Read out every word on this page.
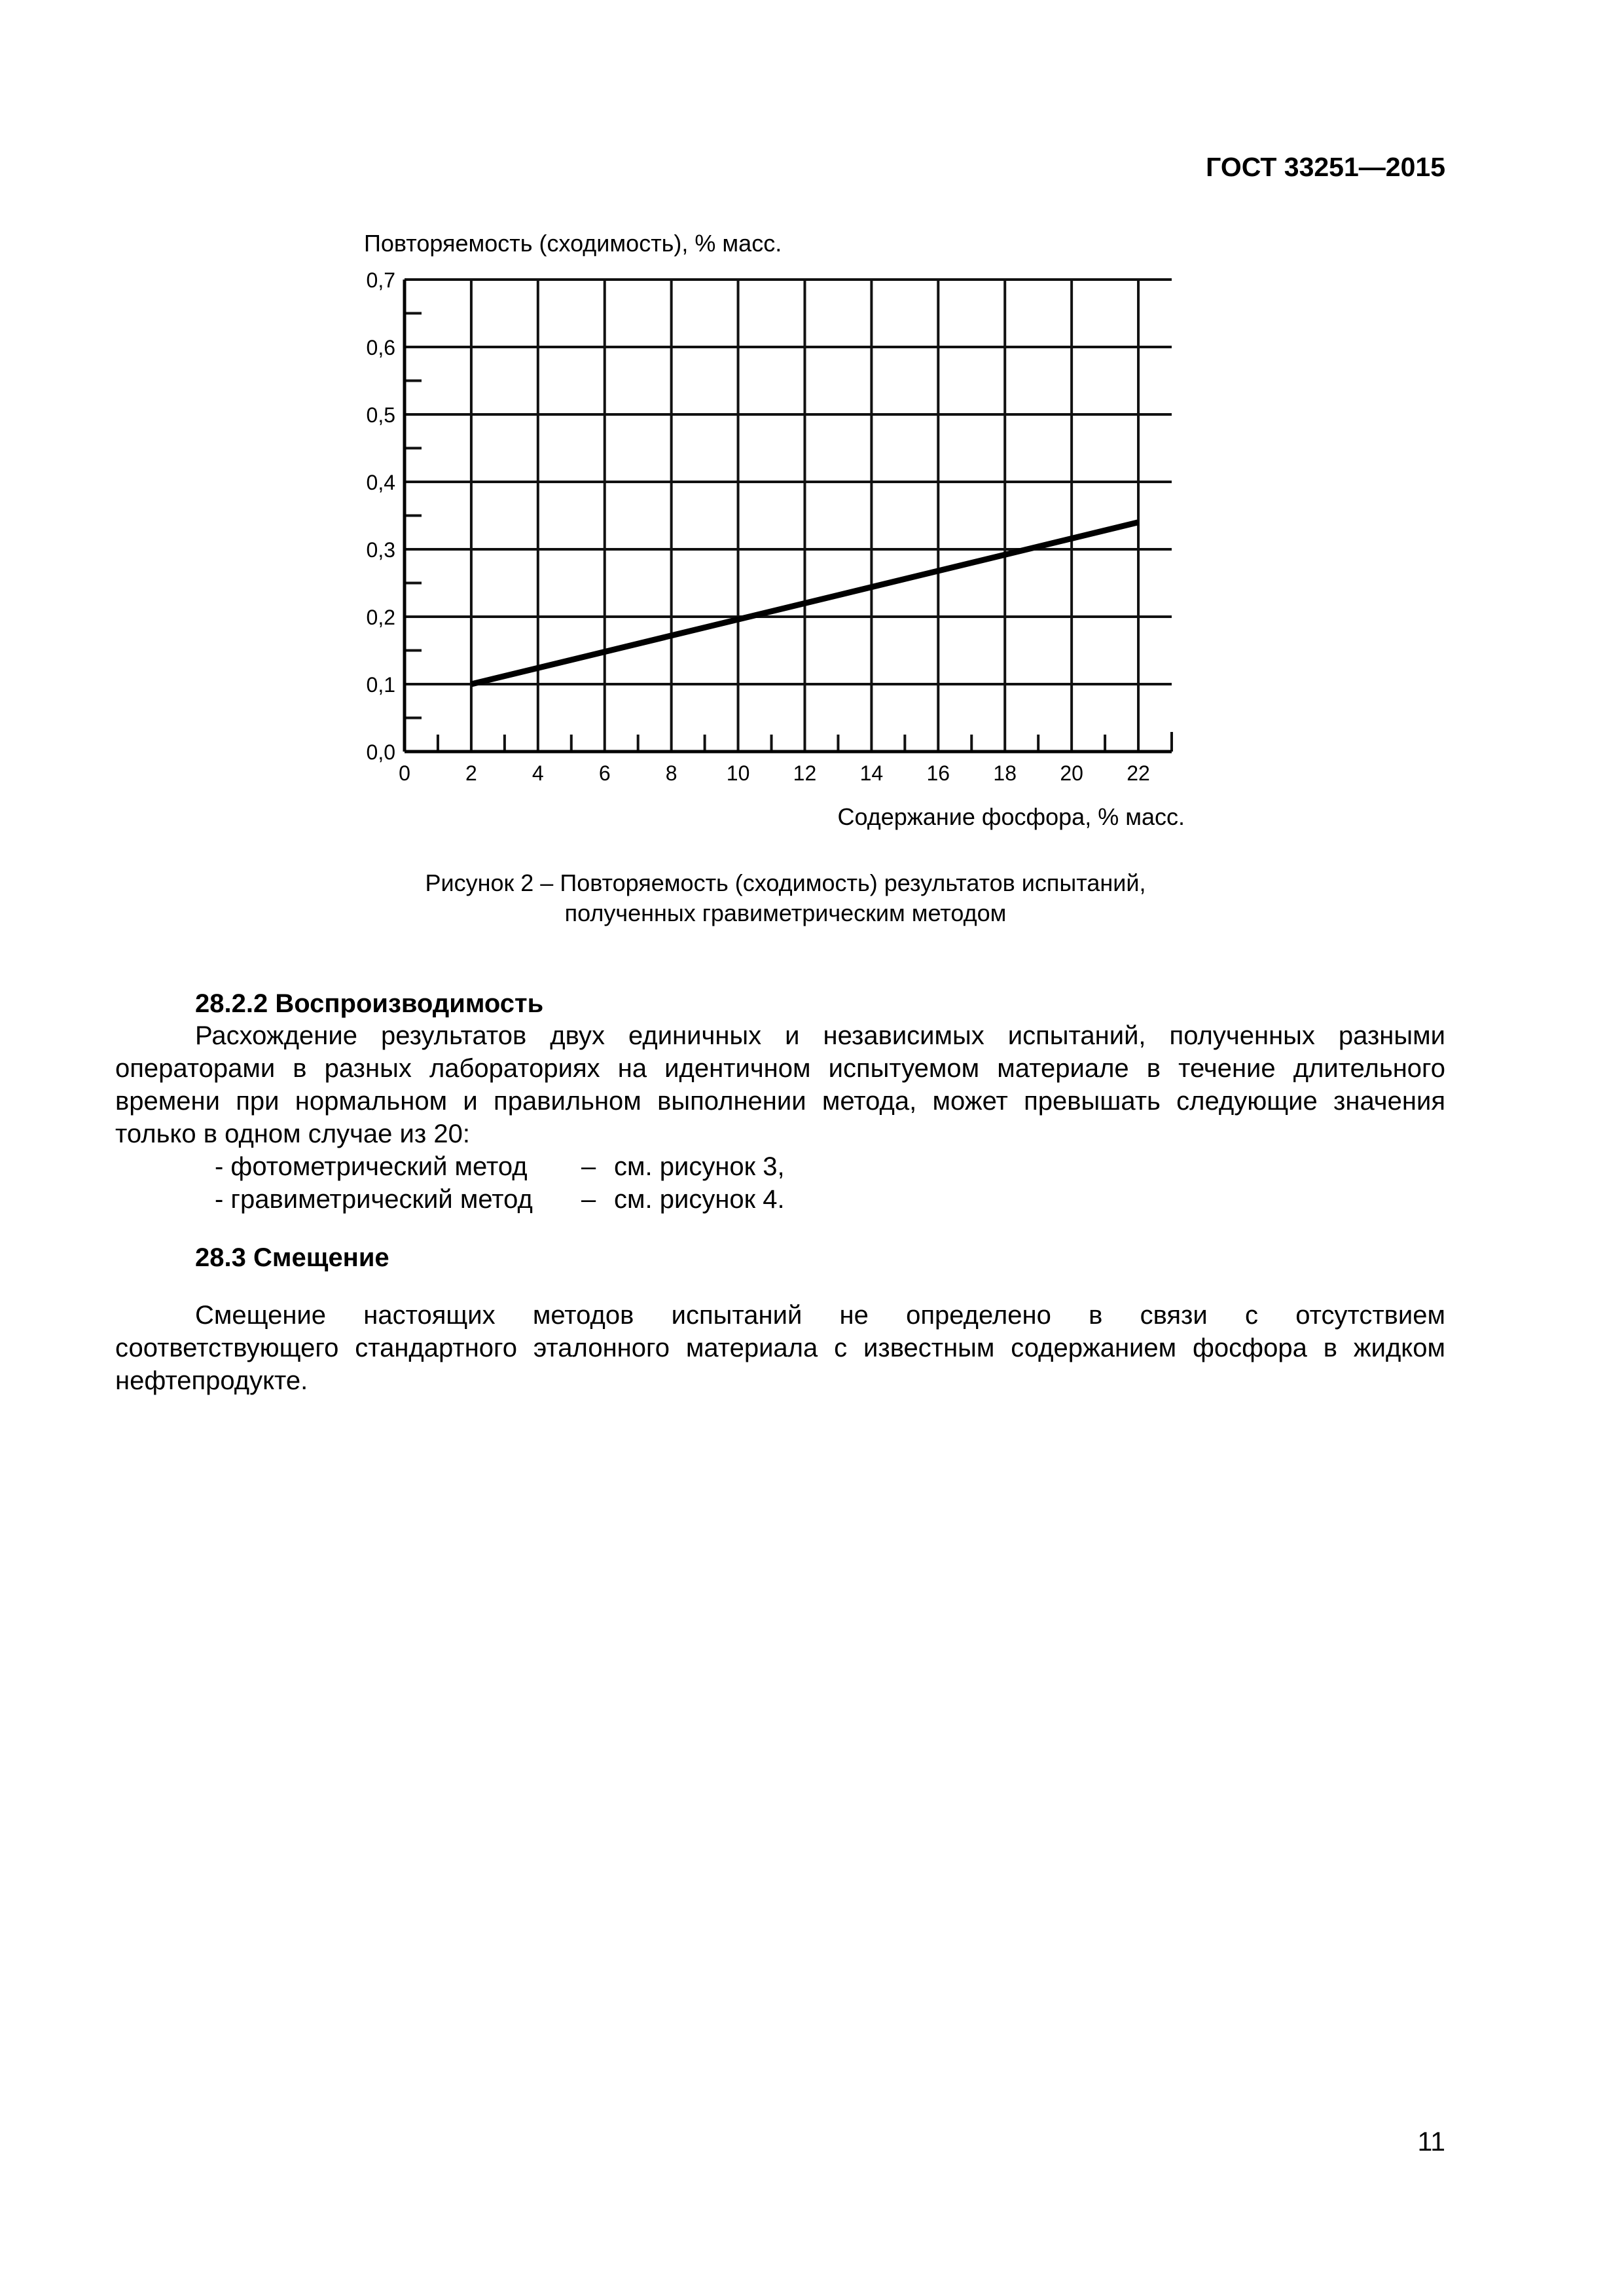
ГОСТ 33251—2015
Повторяемость (сходимость), % масс.
Содержание фосфора, % масс.
0,0
0,1
0,2
0,3
0,4
0,5
0,6
0,7
0	2	4	6	8 10 12 14 16 18 20 22
Рисунок 2 – Повторяемость (сходимость) результатов испытаний,
полученных гравиметрическим методом
28.2.2 Воспроизводимость
Расхождение результатов двух единичных и независимых испытаний, полученных разными
операторами в разных лабораториях на идентичном испытуемом материале в течение длительного
времени при нормальном и правильном выполнении метода, может превышать следующие значения
только в одном случае из 20:
- фотометрический метод – см. рисунок 3,
- гравиметрический метод – см. рисунок 4.
28.3 Смещение
Смещение настоящих методов испытаний не определено в связи с отсутствием
соответствующего стандартного эталонного материала с известным содержанием фосфора в жидком
нефтепродукте.
11
